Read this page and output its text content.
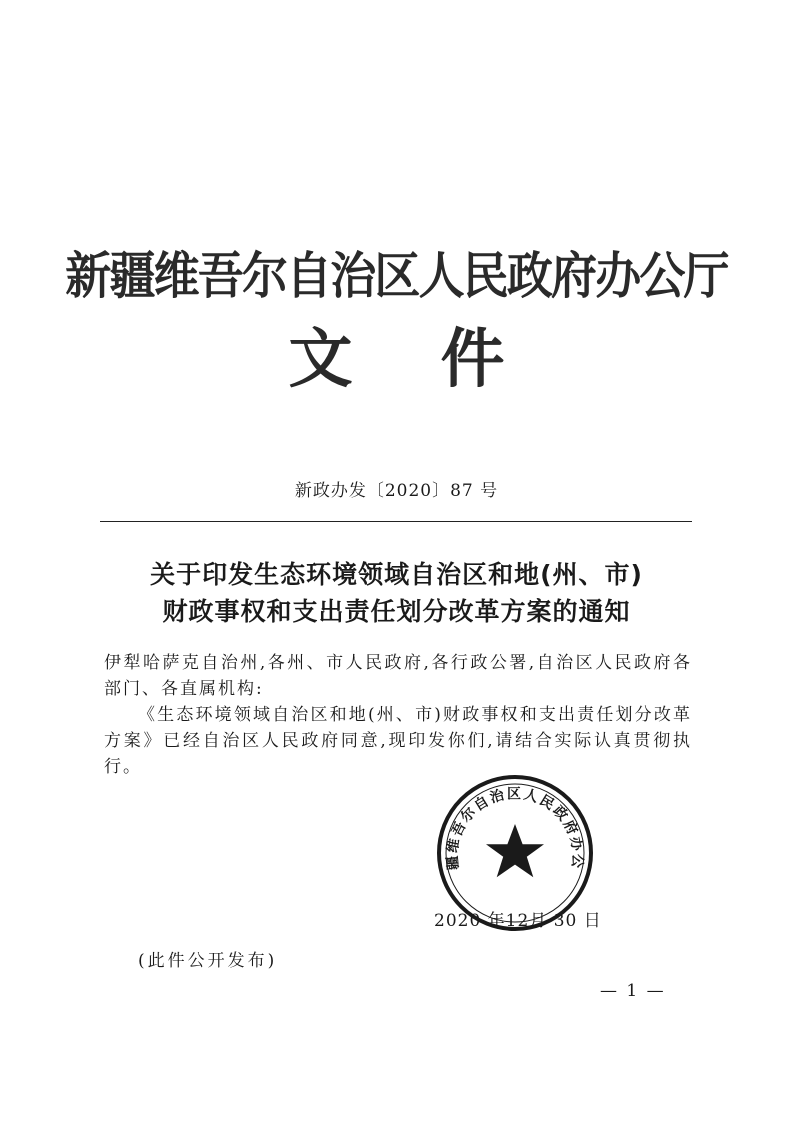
新疆维吾尔自治区人民政府办公厅
文 件
新政办发〔2020〕87 号
关于印发生态环境领域自治区和地(州、市)
财政事权和支出责任划分改革方案的通知

伊犁哈萨克自治州,各州、市人民政府,各行政公署,自治区人民政府各部门、各直属机构:

《生态环境领域自治区和地(州、市)财政事权和支出责任划分改革方案》已经自治区人民政府同意,现印发你们,请结合实际认真贯彻执行。

疆维吾尔自治区人民政府办公
2020 年12月 30 日
(此件公开发布)
— 1 —
